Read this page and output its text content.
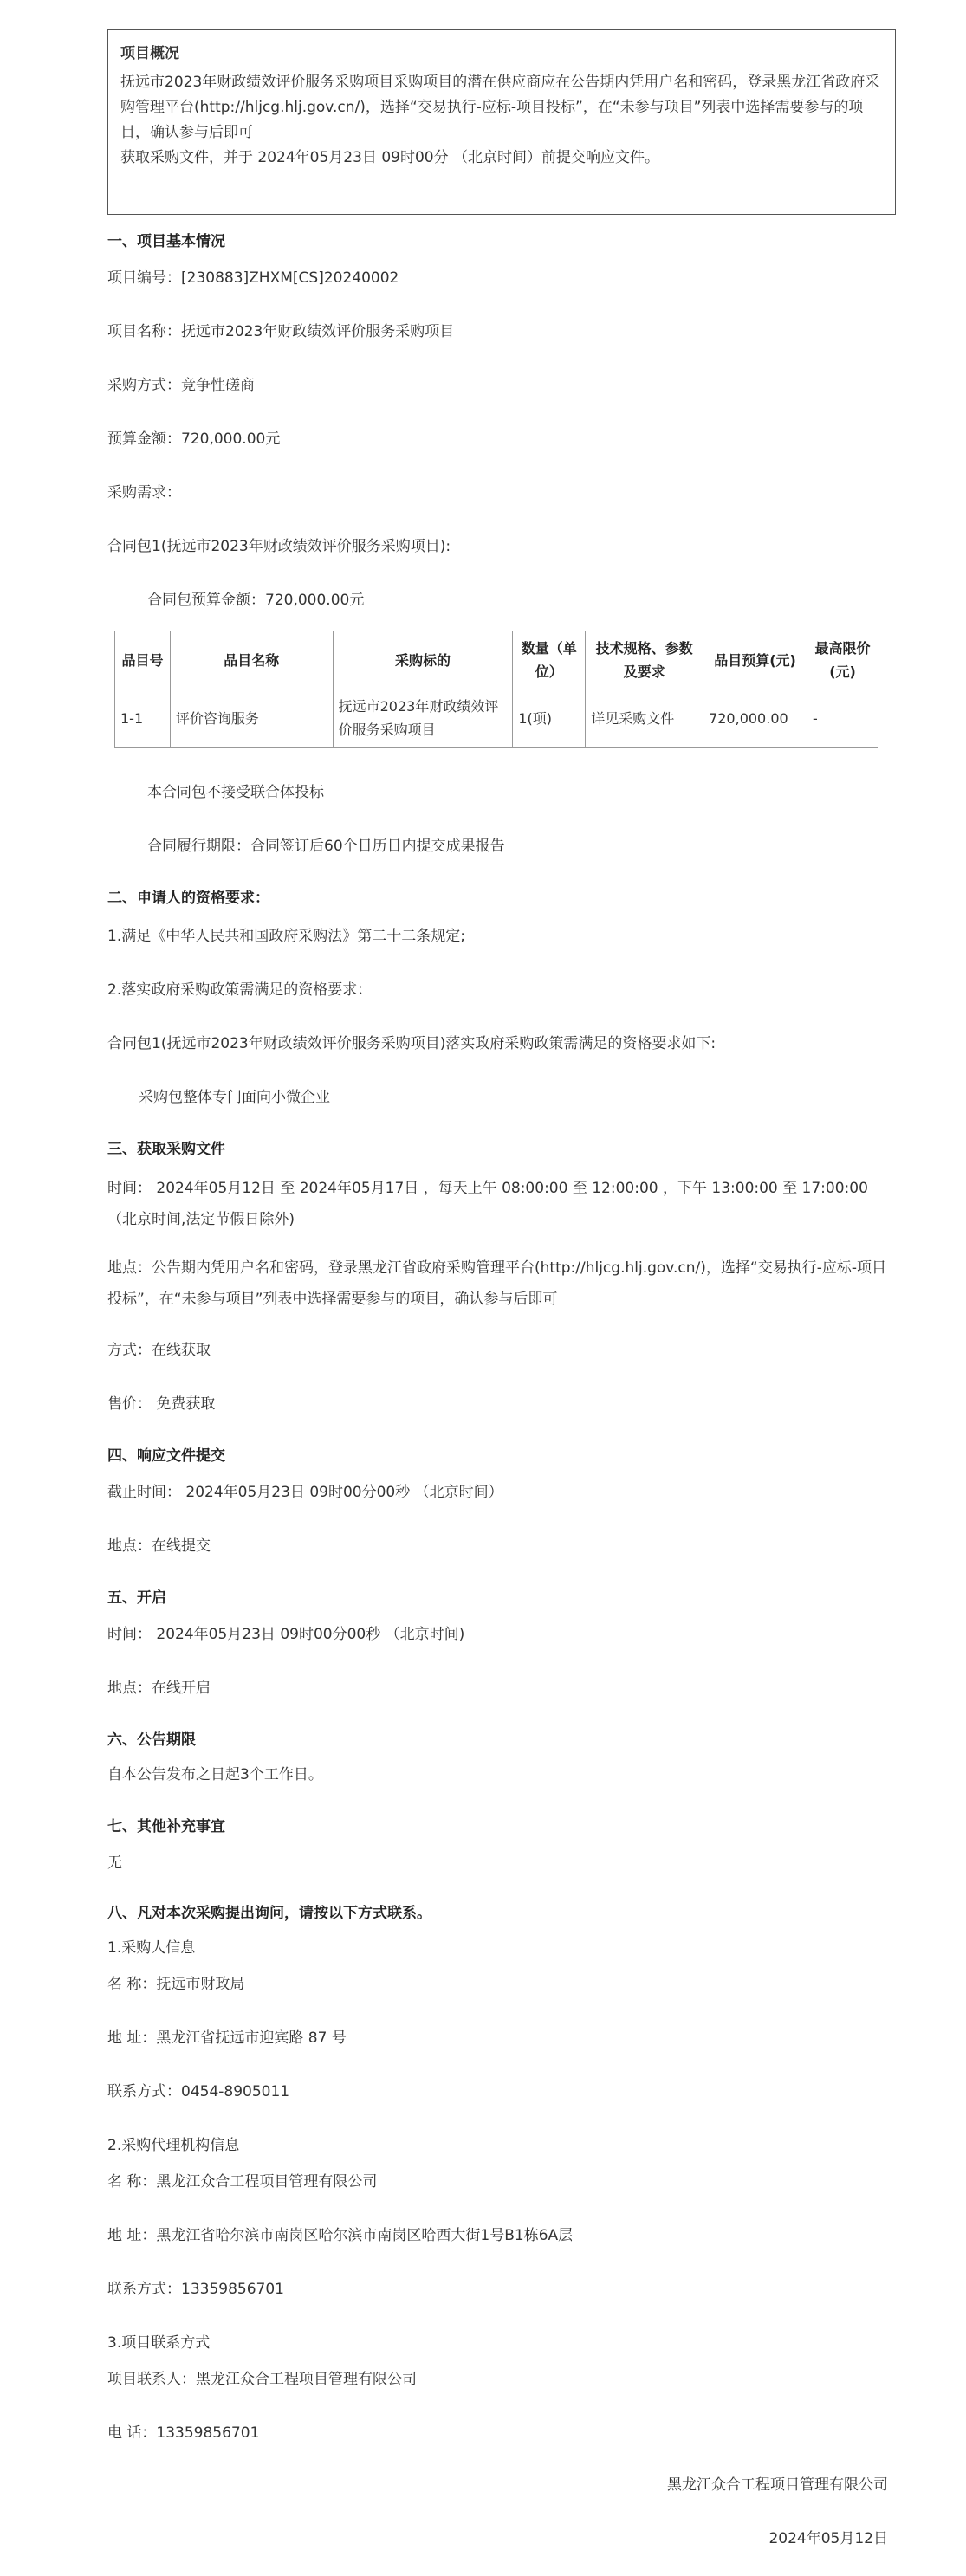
项目概况
抚远市2023年财政绩效评价服务采购项目采购项目的潜在供应商应在公告期内凭用户名和密码，登录黑龙江省政府采购管理平台(http://hljcg.hlj.gov.cn/)，选择“交易执行-应标-项目投标”，在“未参与项目”列表中选择需要参与的项目，确认参与后即可
获取采购文件，并于 2024年05月23日 09时00分 （北京时间）前提交响应文件。
一、项目基本情况
项目编号：[230883]ZHXM[CS]20240002
项目名称：抚远市2023年财政绩效评价服务采购项目
采购方式：竞争性磋商
预算金额：720,000.00元
采购需求：
合同包1(抚远市2023年财政绩效评价服务采购项目):
合同包预算金额：720,000.00元
品目号	品目名称	采购标的	数量（单位）	技术规格、参数及要求	品目预算(元)	最高限价(元)
1-1	评价咨询服务	抚远市2023年财政绩效评价服务采购项目	1(项)	详见采购文件	720,000.00	-
本合同包不接受联合体投标
合同履行期限：合同签订后60个日历日内提交成果报告
二、申请人的资格要求：
1.满足《中华人民共和国政府采购法》第二十二条规定;
2.落实政府采购政策需满足的资格要求：
合同包1(抚远市2023年财政绩效评价服务采购项目)落实政府采购政策需满足的资格要求如下:
采购包整体专门面向小微企业
三、获取采购文件
时间： 2024年05月12日 至 2024年05月17日 ，每天上午 08:00:00 至 12:00:00 ，下午 13:00:00 至 17:00:00 （北京时间,法定节假日除外)
地点：公告期内凭用户名和密码，登录黑龙江省政府采购管理平台(http://hljcg.hlj.gov.cn/)，选择“交易执行-应标-项目投标”，在“未参与项目”列表中选择需要参与的项目，确认参与后即可
方式：在线获取
售价： 免费获取
四、响应文件提交
截止时间： 2024年05月23日 09时00分00秒 （北京时间）
地点：在线提交
五、开启
时间： 2024年05月23日 09时00分00秒 （北京时间)
地点：在线开启
六、公告期限
自本公告发布之日起3个工作日。
七、其他补充事宜
无
八、凡对本次采购提出询问，请按以下方式联系。
1.采购人信息
名 称：抚远市财政局
地 址：黑龙江省抚远市迎宾路 87 号
联系方式：0454-8905011
2.采购代理机构信息
名 称：黑龙江众合工程项目管理有限公司
地 址：黑龙江省哈尔滨市南岗区哈尔滨市南岗区哈西大街1号B1栋6A层
联系方式：13359856701
3.项目联系方式
项目联系人：黑龙江众合工程项目管理有限公司
电 话：13359856701
黑龙江众合工程项目管理有限公司
2024年05月12日
